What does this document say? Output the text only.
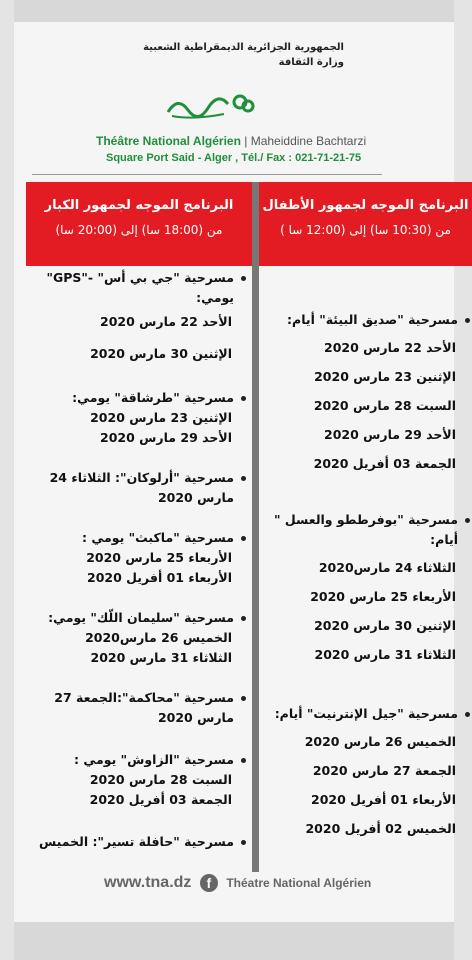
الجمهورية الجزائرية الديمقراطية الشعبية
وزارة الثقافة
Théâtre National Algérien | Maheiddine Bachtarzi
Square Port Said - Alger , Tél./ Fax : 021-71-21-75
البرنامج الموجه لجمهور الكبار
من (18:00 سا) إلى (20:00 سا)
البرنامج الموجه لجمهور الأطفال
من (10:30 سا) إلى (12:00 سا )
مسرحية "جي بي أس" -"GPS" يومي:
الأحد 22 مارس 2020
الإثنين 30 مارس 2020
مسرحية "طرشاقة" يومي:
الإثنين 23 مارس 2020
الأحد 29 مارس 2020
مسرحية "أرلوكان": الثلاثاء 24 مارس 2020
مسرحية "ماكبث" يومي :
الأربعاء 25 مارس 2020
الأربعاء 01 أفريل 2020
مسرحية "سليمان اللّك" يومي:
الخميس 26 مارس2020
الثلاثاء 31 مارس 2020
مسرحية "محاكمة":الجمعة 27 مارس 2020
مسرحية "الزاوش" يومي :
السبت 28 مارس 2020
الجمعة 03 أفريل 2020
مسرحية "حافلة تسير": الخميس
مسرحية "صديق البيئة" أيام:
الأحد 22 مارس 2020
الإثنين 23 مارس 2020
السبت 28 مارس 2020
الأحد 29 مارس 2020
الجمعة 03 أفريل 2020
مسرحية "بوفرططو والعسل " أيام:
الثلاثاء 24 مارس2020
الأربعاء 25 مارس 2020
الإثنين 30 مارس 2020
الثلاثاء 31 مارس 2020
مسرحية "جيل الإنترنيت" أيام:
الخميس 26 مارس 2020
الجمعة 27 مارس 2020
الأربعاء 01 أفريل 2020
الخميس 02 أفريل 2020
www.tna.dz f Théatre National Algérien
